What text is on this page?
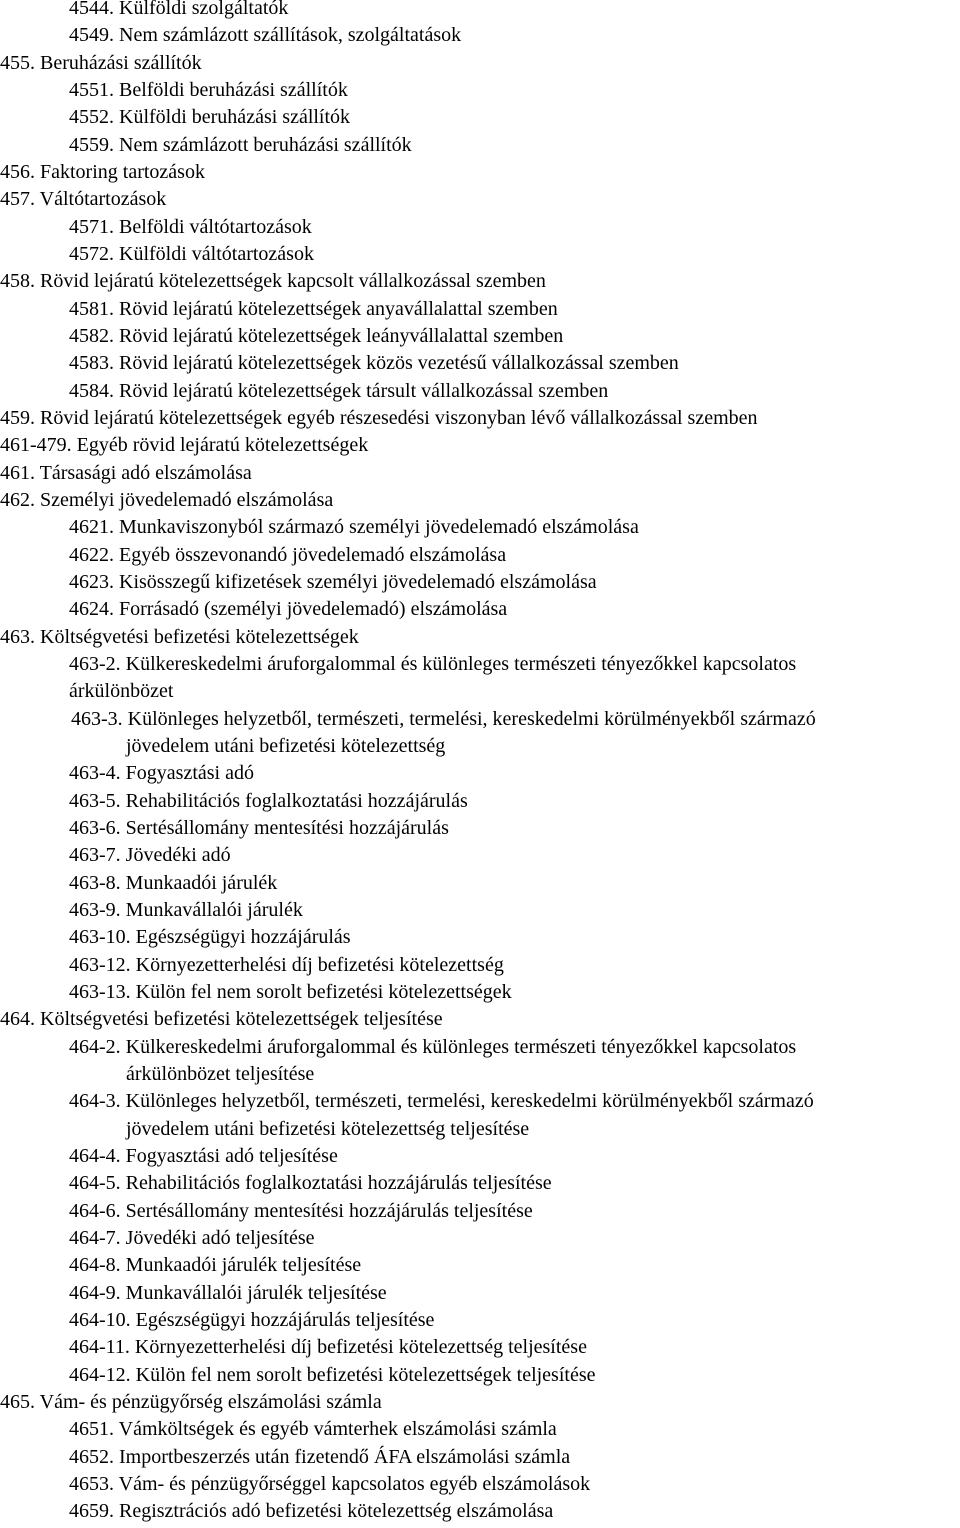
4544. Külföldi szolgáltatók
4549. Nem számlázott szállítások, szolgáltatások
455. Beruházási szállítók
4551. Belföldi beruházási szállítók
4552. Külföldi beruházási szállítók
4559. Nem számlázott beruházási szállítók
456. Faktoring tartozások
457. Váltótartozások
4571. Belföldi váltótartozások
4572. Külföldi váltótartozások
458. Rövid lejáratú kötelezettségek kapcsolt vállalkozással szemben
4581. Rövid lejáratú kötelezettségek anyavállalattal szemben
4582. Rövid lejáratú kötelezettségek leányvállalattal szemben
4583. Rövid lejáratú kötelezettségek közös vezetésű vállalkozással szemben
4584. Rövid lejáratú kötelezettségek társult vállalkozással szemben
459. Rövid lejáratú kötelezettségek egyéb részesedési viszonyban lévő vállalkozással szemben
461-479. Egyéb rövid lejáratú kötelezettségek
461. Társasági adó elszámolása
462. Személyi jövedelemadó elszámolása
4621. Munkaviszonyból származó személyi jövedelemadó elszámolása
4622. Egyéb összevonandó jövedelemadó elszámolása
4623. Kisösszegű kifizetések személyi jövedelemadó elszámolása
4624. Forrásadó (személyi jövedelemadó) elszámolása
463. Költségvetési befizetési kötelezettségek
463-2. Külkereskedelmi áruforgalommal és különleges természeti tényezőkkel kapcsolatos
árkülönbözet
463-3. Különleges helyzetből, természeti, termelési, kereskedelmi körülményekből származó
jövedelem utáni befizetési kötelezettség
463-4. Fogyasztási adó
463-5. Rehabilitációs foglalkoztatási hozzájárulás
463-6. Sertésállomány mentesítési hozzájárulás
463-7. Jövedéki adó
463-8. Munkaadói járulék
463-9. Munkavállalói járulék
463-10. Egészségügyi hozzájárulás
463-12. Környezetterhelési díj befizetési kötelezettség
463-13. Külön fel nem sorolt befizetési kötelezettségek
464. Költségvetési befizetési kötelezettségek teljesítése
464-2. Külkereskedelmi áruforgalommal és különleges természeti tényezőkkel kapcsolatos
árkülönbözet teljesítése
464-3. Különleges helyzetből, természeti, termelési, kereskedelmi körülményekből származó
jövedelem utáni befizetési kötelezettség teljesítése
464-4. Fogyasztási adó teljesítése
464-5. Rehabilitációs foglalkoztatási hozzájárulás teljesítése
464-6. Sertésállomány mentesítési hozzájárulás teljesítése
464-7. Jövedéki adó teljesítése
464-8. Munkaadói járulék teljesítése
464-9. Munkavállalói járulék teljesítése
464-10. Egészségügyi hozzájárulás teljesítése
464-11. Környezetterhelési díj befizetési kötelezettség teljesítése
464-12. Külön fel nem sorolt befizetési kötelezettségek teljesítése
465. Vám- és pénzügyőrség elszámolási számla
4651. Vámköltségek és egyéb vámterhek elszámolási számla
4652. Importbeszerzés után fizetendő ÁFA elszámolási számla
4653. Vám- és pénzügyőrséggel kapcsolatos egyéb elszámolások
4659. Regisztrációs adó befizetési kötelezettség elszámolása
